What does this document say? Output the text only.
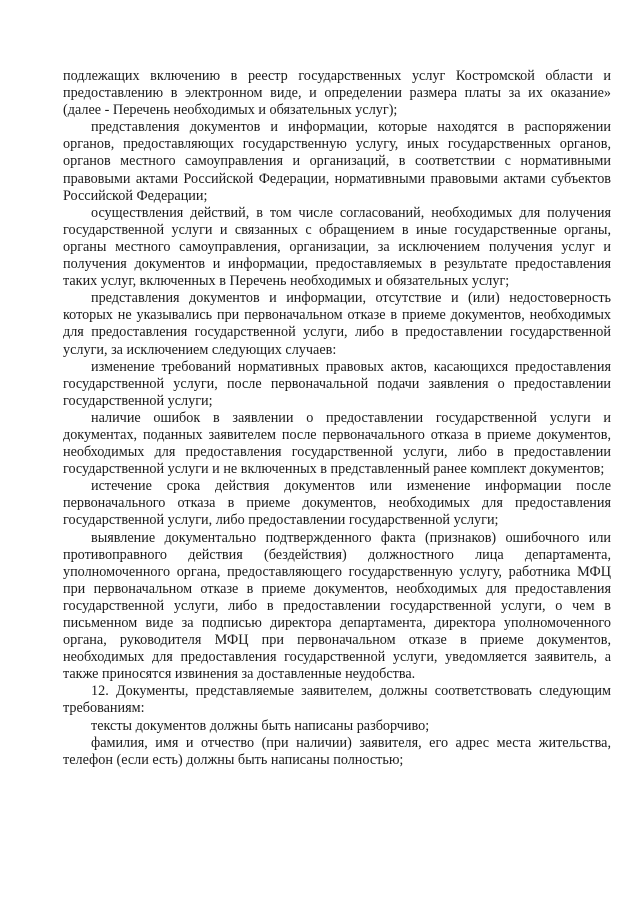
подлежащих включению в реестр государственных услуг Костромской области и предоставлению в электронном виде, и определении размера платы за их оказание» (далее - Перечень необходимых и обязательных услуг);

представления документов и информации, которые находятся в распоряжении органов, предоставляющих государственную услугу, иных государственных органов, органов местного самоуправления и организаций, в соответствии с нормативными правовыми актами Российской Федерации, нормативными правовыми актами субъектов Российской Федерации;

осуществления действий, в том числе согласований, необходимых для получения государственной услуги и связанных с обращением в иные государственные органы, органы местного самоуправления, организации, за исключением получения услуг и получения документов и информации, предоставляемых в результате предоставления таких услуг, включенных в Перечень необходимых и обязательных услуг;

представления документов и информации, отсутствие и (или) недостоверность которых не указывались при первоначальном отказе в приеме документов, необходимых для предоставления государственной услуги, либо в предоставлении государственной услуги, за исключением следующих случаев:

изменение требований нормативных правовых актов, касающихся предоставления государственной услуги, после первоначальной подачи заявления о предоставлении государственной услуги;

наличие ошибок в заявлении о предоставлении государственной услуги и документах, поданных заявителем после первоначального отказа в приеме документов, необходимых для предоставления государственной услуги, либо в предоставлении государственной услуги и не включенных в представленный ранее комплект документов;

истечение срока действия документов или изменение информации после первоначального отказа в приеме документов, необходимых для предоставления государственной услуги, либо предоставлении государственной услуги;

выявление документально подтвержденного факта (признаков) ошибочного или противоправного действия (бездействия) должностного лица департамента, уполномоченного органа, предоставляющего государственную услугу, работника МФЦ при первоначальном отказе в приеме документов, необходимых для предоставления государственной услуги, либо в предоставлении государственной услуги, о чем в письменном виде за подписью директора департамента, директора уполномоченного органа, руководителя МФЦ при первоначальном отказе в приеме документов, необходимых для предоставления государственной услуги, уведомляется заявитель, а также приносятся извинения за доставленные неудобства.

12. Документы, представляемые заявителем, должны соответствовать следующим требованиям:

тексты документов должны быть написаны разборчиво;

фамилия, имя и отчество (при наличии) заявителя, его адрес места жительства, телефон (если есть) должны быть написаны полностью;
